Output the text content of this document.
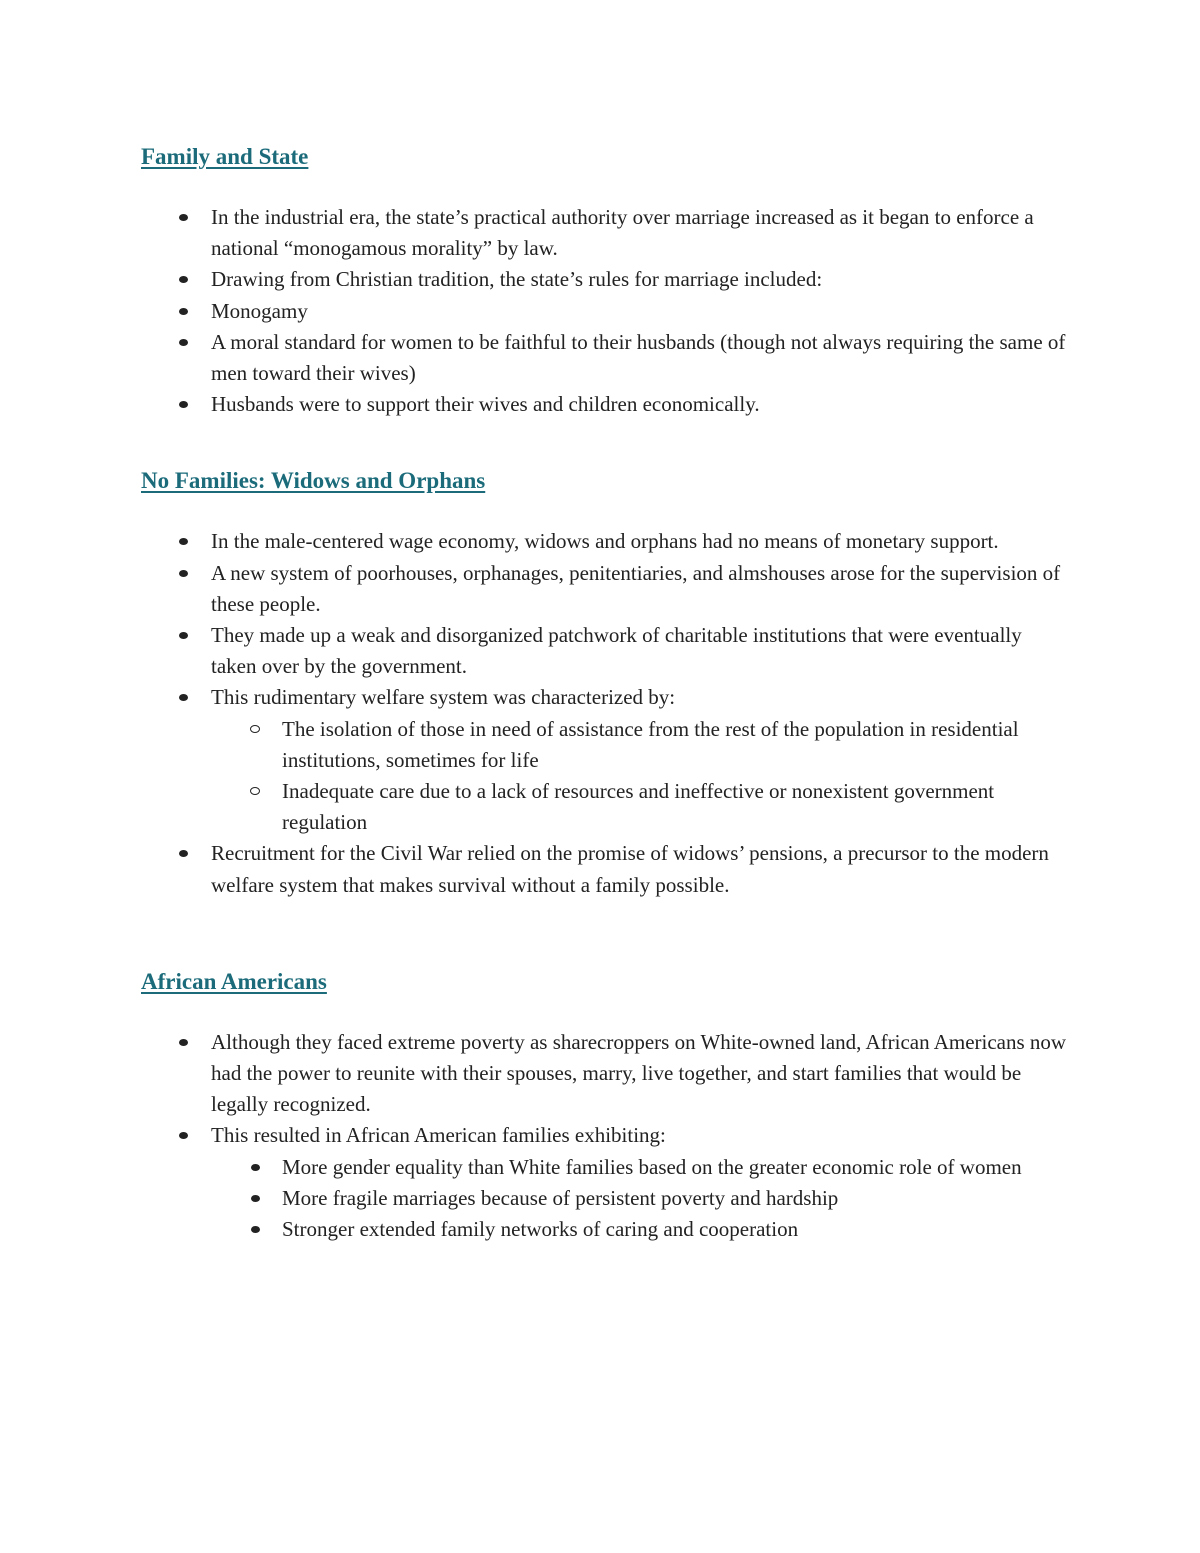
Family and State
In the industrial era, the state’s practical authority over marriage increased as it began to enforce a national “monogamous morality” by law.
Drawing from Christian tradition, the state’s rules for marriage included:
Monogamy
A moral standard for women to be faithful to their husbands (though not always requiring the same of men toward their wives)
Husbands were to support their wives and children economically.
No Families: Widows and Orphans
In the male-centered wage economy, widows and orphans had no means of monetary support.
A new system of poorhouses, orphanages, penitentiaries, and almshouses arose for the supervision of these people.
They made up a weak and disorganized patchwork of charitable institutions that were eventually taken over by the government.
This rudimentary welfare system was characterized by:
The isolation of those in need of assistance from the rest of the population in residential institutions, sometimes for life
Inadequate care due to a lack of resources and ineffective or nonexistent government regulation
Recruitment for the Civil War relied on the promise of widows’ pensions, a precursor to the modern welfare system that makes survival without a family possible.
African Americans
Although they faced extreme poverty as sharecroppers on White-owned land, African Americans now had the power to reunite with their spouses, marry, live together, and start families that would be legally recognized.
This resulted in African American families exhibiting:
More gender equality than White families based on the greater economic role of women
More fragile marriages because of persistent poverty and hardship
Stronger extended family networks of caring and cooperation
